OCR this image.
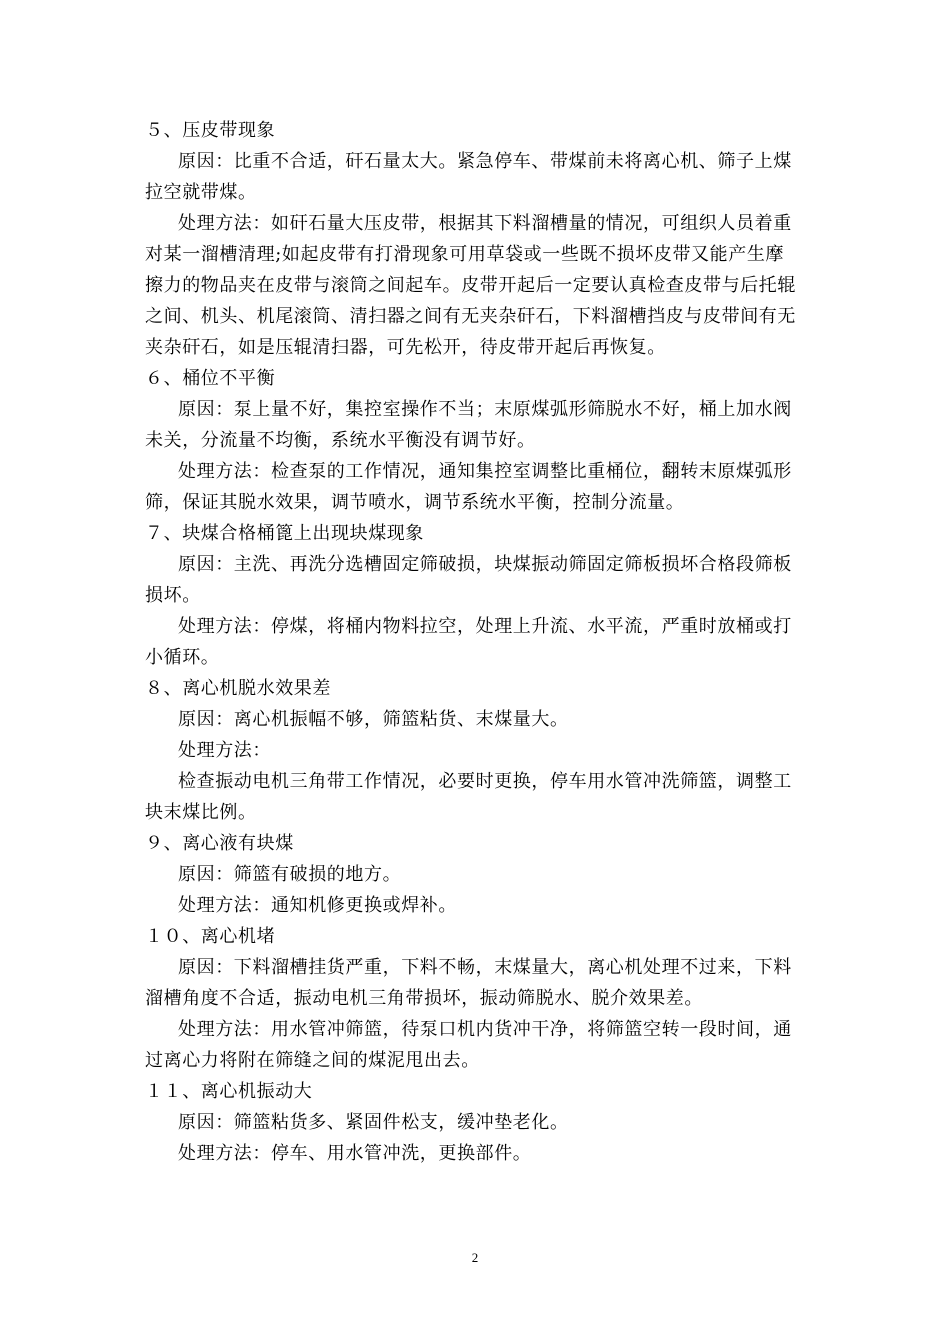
５、压皮带现象
原因：比重不合适，矸石量太大。紧急停车、带煤前未将离心机、筛子上煤
拉空就带煤。
处理方法：如矸石量大压皮带，根据其下料溜槽量的情况，可组织人员着重
对某一溜槽清理;如起皮带有打滑现象可用草袋或一些既不损坏皮带又能产生摩
擦力的物品夹在皮带与滚筒之间起车。皮带开起后一定要认真检查皮带与后托辊
之间、机头、机尾滚筒、清扫器之间有无夹杂矸石，下料溜槽挡皮与皮带间有无
夹杂矸石，如是压辊清扫器，可先松开，待皮带开起后再恢复。
６、桶位不平衡
原因：泵上量不好，集控室操作不当；末原煤弧形筛脱水不好，桶上加水阀
未关，分流量不均衡，系统水平衡没有调节好。
处理方法：检查泵的工作情况，通知集控室调整比重桶位，翻转末原煤弧形
筛，保证其脱水效果，调节喷水，调节系统水平衡，控制分流量。
７、块煤合格桶篦上出现块煤现象
原因：主洗、再洗分选槽固定筛破损，块煤振动筛固定筛板损坏合格段筛板
损坏。
处理方法：停煤，将桶内物料拉空，处理上升流、水平流，严重时放桶或打
小循环。
８、离心机脱水效果差
原因：离心机振幅不够，筛篮粘货、末煤量大。
处理方法：
检查振动电机三角带工作情况，必要时更换，停车用水管冲洗筛篮，调整工
块末煤比例。
９、离心液有块煤
原因：筛篮有破损的地方。
处理方法：通知机修更换或焊补。
１０、离心机堵
原因：下料溜槽挂货严重，下料不畅，末煤量大，离心机处理不过来，下料
溜槽角度不合适，振动电机三角带损坏，振动筛脱水、脱介效果差。
处理方法：用水管冲筛篮，待泵口机内货冲干净，将筛篮空转一段时间，通
过离心力将附在筛缝之间的煤泥甩出去。
１１、离心机振动大
原因：筛篮粘货多、紧固件松支，缓冲垫老化。
处理方法：停车、用水管冲洗，更换部件。
2
